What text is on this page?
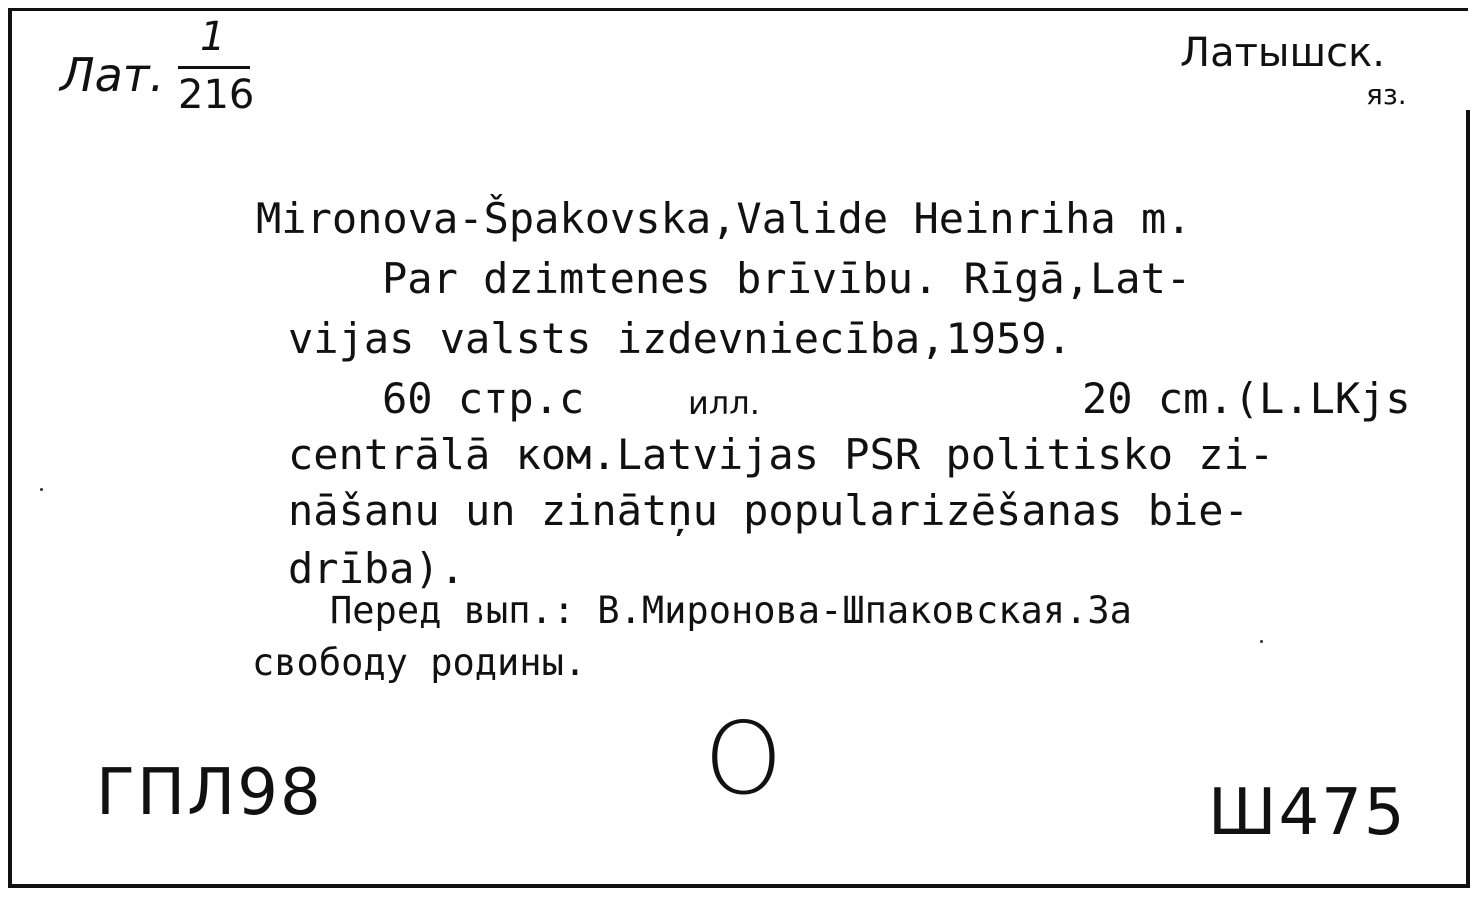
Лат.
1
216
Латышск.
яз.
Mironova-Špakovska,Valide Heinriha m.
Par dzimtenes brīvību. Rīgā,Lat-
vijas valsts izdevniecība,1959.
60 стр.с	илл.	20 cm.(L.LKjs
centrālā ком.Latvijas PSR politisko zi-
nāšanu un zinātņu popularizēšanas bie-
drība).
Перед вып.: В.Миронова-Шпаковская.За
свободу родины.
O
ГПЛ98	Ш475
